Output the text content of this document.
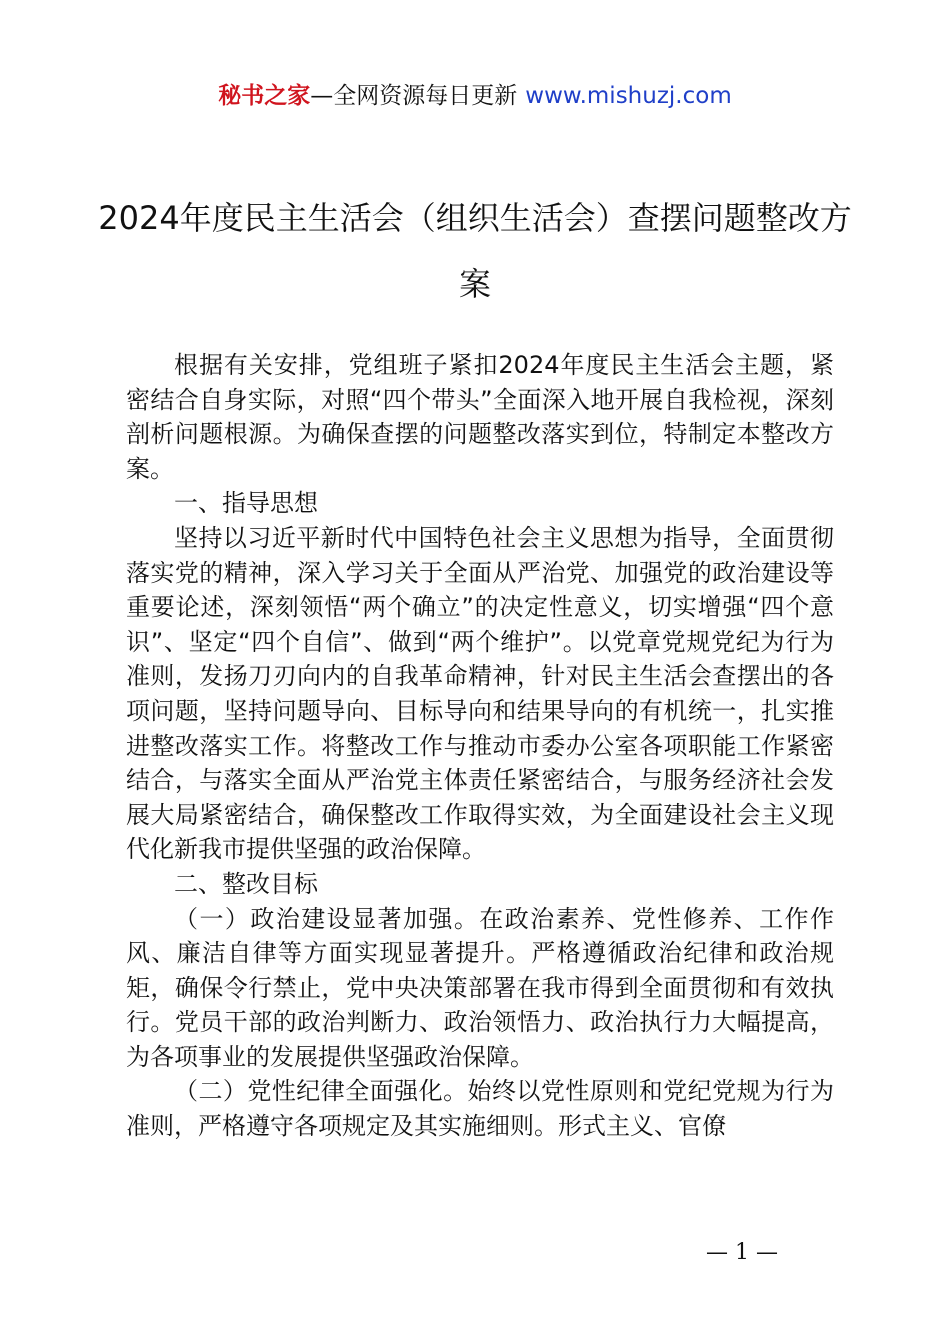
秘书之家—全网资源每日更新 www.mishuzj.com
2024年度民主生活会（组织生活会）查摆问题整改方案

根据有关安排，党组班子紧扣2024年度民主生活会主题，紧密结合自身实际，对照“四个带头”全面深入地开展自我检视，深刻剖析问题根源。为确保查摆的问题整改落实到位，特制定本整改方案。

一、指导思想

坚持以习近平新时代中国特色社会主义思想为指导，全面贯彻落实党的精神，深入学习关于全面从严治党、加强党的政治建设等重要论述，深刻领悟“两个确立”的决定性意义，切实增强“四个意识”、坚定“四个自信”、做到“两个维护”。以党章党规党纪为行为准则，发扬刀刃向内的自我革命精神，针对民主生活会查摆出的各项问题，坚持问题导向、目标导向和结果导向的有机统一，扎实推进整改落实工作。将整改工作与推动市委办公室各项职能工作紧密结合，与落实全面从严治党主体责任紧密结合，与服务经济社会发展大局紧密结合，确保整改工作取得实效，为全面建设社会主义现代化新我市提供坚强的政治保障。

二、整改目标

（一）政治建设显著加强。在政治素养、党性修养、工作作风、廉洁自律等方面实现显著提升。严格遵循政治纪律和政治规矩，确保令行禁止，党中央决策部署在我市得到全面贯彻和有效执行。党员干部的政治判断力、政治领悟力、政治执行力大幅提高，为各项事业的发展提供坚强政治保障。

（二）党性纪律全面强化。始终以党性原则和党纪党规为行为准则，严格遵守各项规定及其实施细则。形式主义、官僚

— 1 —
